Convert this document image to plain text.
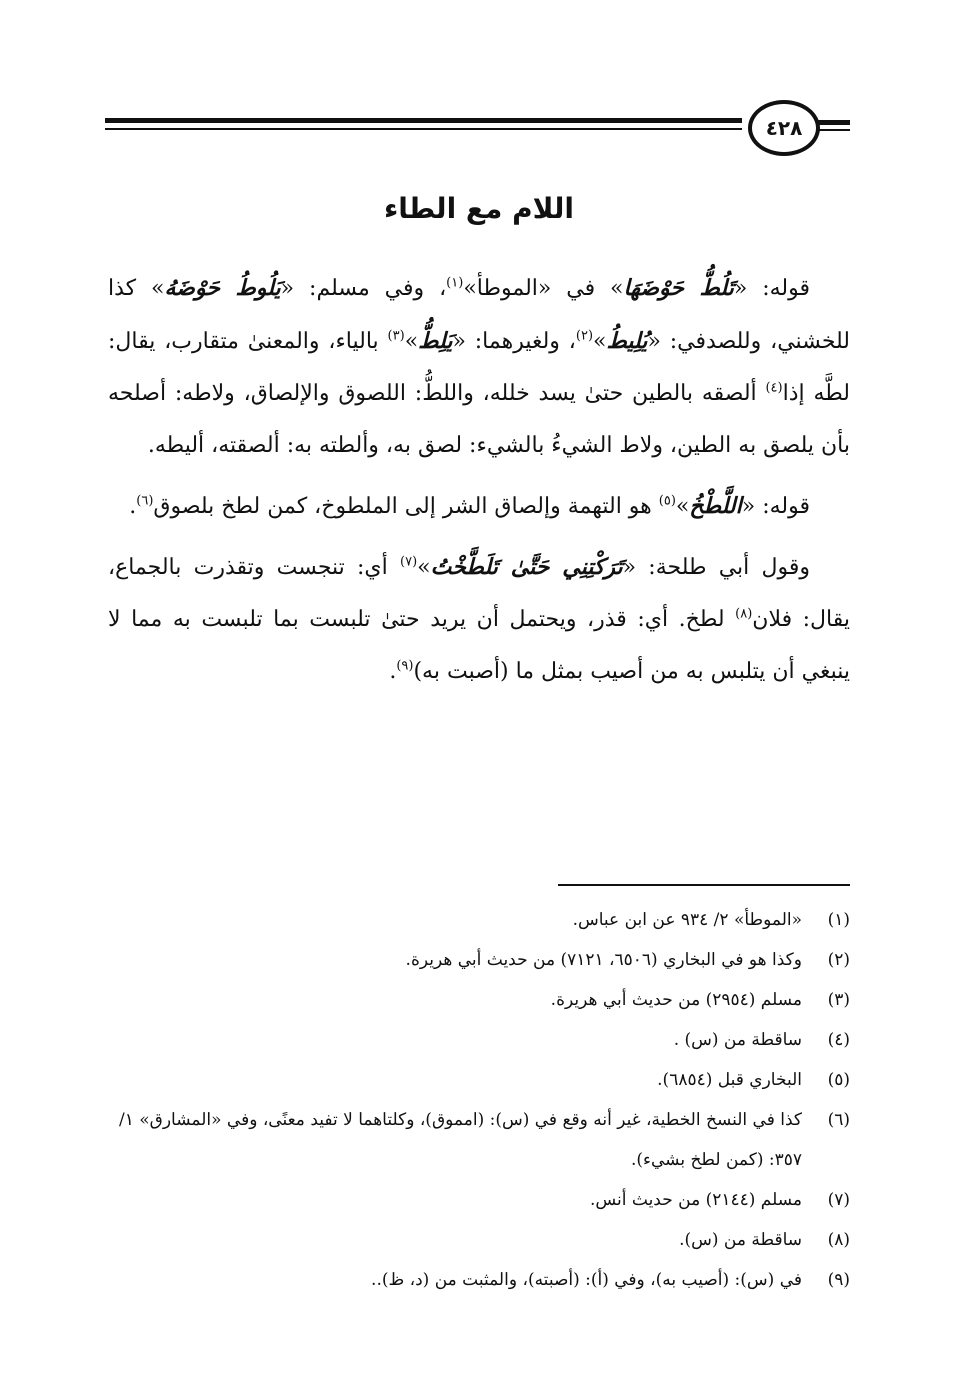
٤٢٨
اللام مع الطاء

قوله: «تَلُطُّ حَوْضَهَا» في «الموطأ»$^{(١)}$، وفي مسلم: «يَلُوطُ حَوْضَهُ» كذا للخشني، وللصدفي: «يُلِيطُ»$^{(٢)}$، ولغيرهما: «يَلِطُّ»$^{(٣)}$ بالياء، والمعنىٰ متقارب، يقال: لطَّه إذا$^{(٤)}$ ألصقه بالطين حتىٰ يسد خلله، واللطُّ: اللصوق والإلصاق، ولاطه: أصلحه بأن يلصق به الطين، ولاط الشيءُ بالشيء: لصق به، وألطته به: ألصقته، أليطه.

قوله: «اللَّطْخُ»$^{(٥)}$ هو التهمة وإلصاق الشر إلى الملطوخ، كمن لطخ بلصوق$^{(٦)}$.

وقول أبي طلحة: «تَرَكْتِنِي حَتَّىٰ تَلَطَّخْتُ»$^{(٧)}$ أي: تنجست وتقذرت بالجماع، يقال: فلان$^{(٨)}$ لطخ. أي: قذر، ويحتمل أن يريد حتىٰ تلبست بما تلبست به مما لا ينبغي أن يتلبس به من أصيب بمثل ما (أصبت به)$^{(٩)}$.

(١)
«الموطأ» ٢/ ٩٣٤ عن ابن عباس.
(٢)
وكذا هو في البخاري (٦٥٠٦، ٧١٢١) من حديث أبي هريرة.
(٣)
مسلم (٢٩٥٤) من حديث أبي هريرة.
(٤)
ساقطة من (س) .
(٥)
البخاري قبل (٦٨٥٤).
(٦)
كذا في النسخ الخطية، غير أنه وقع في (س): (امموق)، وكلتاهما لا تفيد معنًى، وفي «المشارق» ١/ ٣٥٧: (كمن لطخ بشيء).
(٧)
مسلم (٢١٤٤) من حديث أنس.
(٨)
ساقطة من (س).
(٩)
في (س): (أصيب به)، وفي (أ): (أصبته)، والمثبت من (د، ظ)..
